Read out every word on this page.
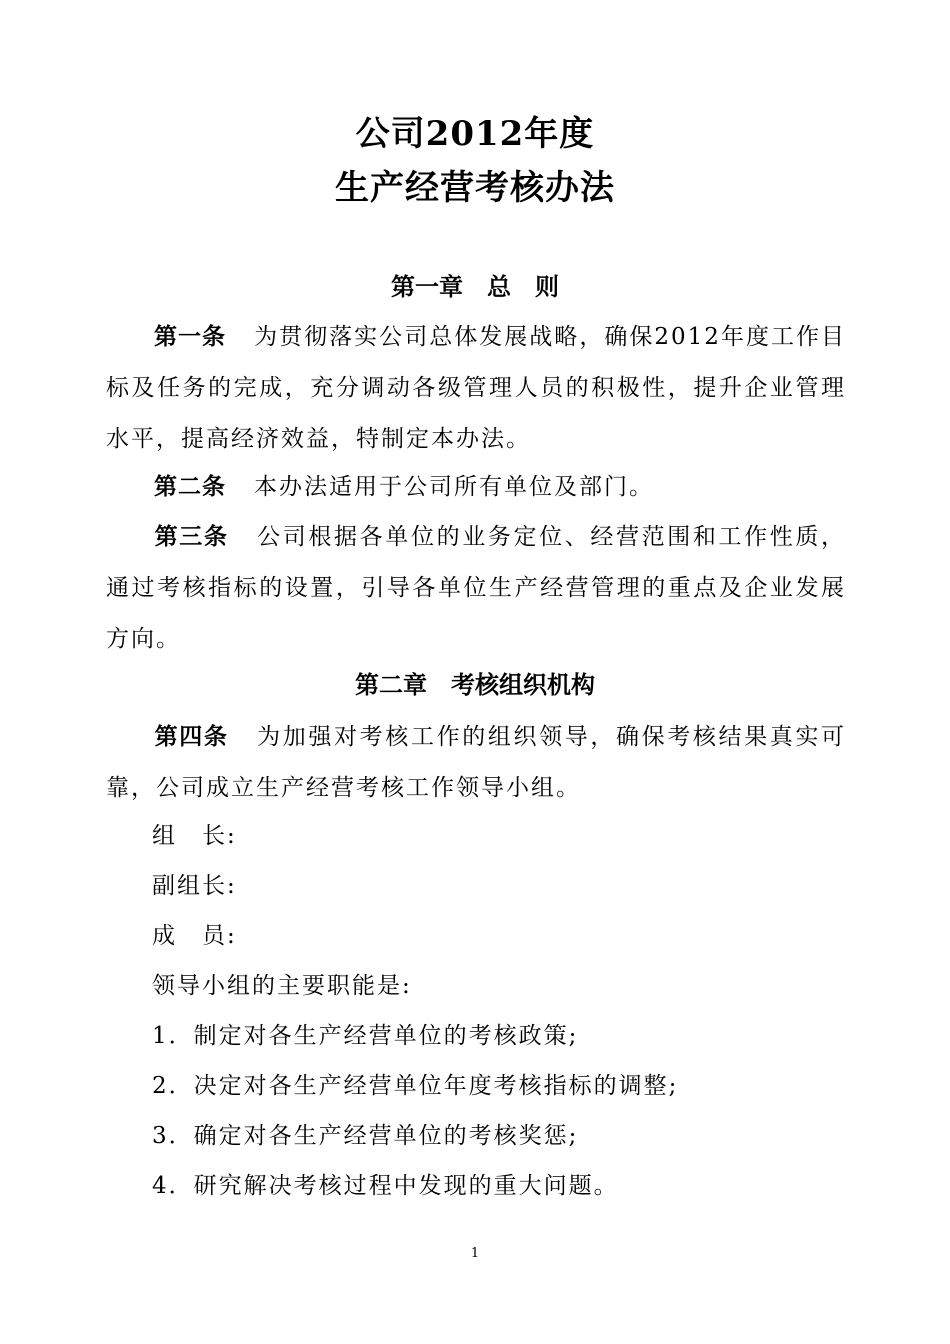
公司2012年度
生产经营考核办法
第一章 总　则
第一条 为贯彻落实公司总体发展战略，确保2012年度工作目标及任务的完成，充分调动各级管理人员的积极性，提升企业管理水平，提高经济效益，特制定本办法。
第二条 本办法适用于公司所有单位及部门。
第三条 公司根据各单位的业务定位、经营范围和工作性质，通过考核指标的设置，引导各单位生产经营管理的重点及企业发展方向。
第二章 考核组织机构
第四条 为加强对考核工作的组织领导，确保考核结果真实可靠，公司成立生产经营考核工作领导小组。
组　长:
副组长:
成　员:
领导小组的主要职能是:
1．制定对各生产经营单位的考核政策;
2．决定对各生产经营单位年度考核指标的调整;
3．确定对各生产经营单位的考核奖惩;
4．研究解决考核过程中发现的重大问题。
1
